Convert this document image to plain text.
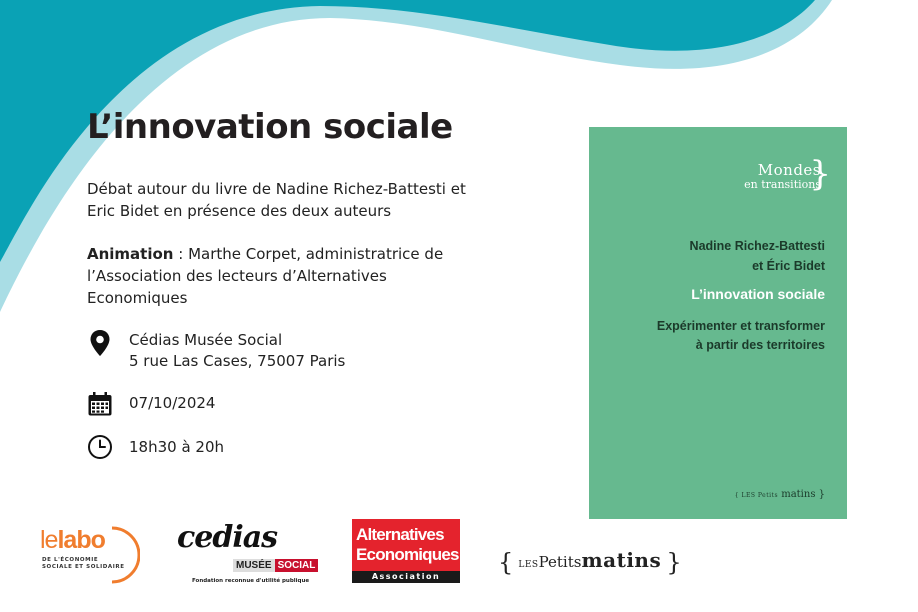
L’innovation sociale
Débat autour du livre de Nadine Richez-Battesti et Eric Bidet en présence des deux auteurs
Animation : Marthe Corpet, administratrice de l’Association des lecteurs d’Alternatives Economiques
Cédias Musée Social
5 rue Las Cases, 75007 Paris
07/10/2024
18h30 à 20h
Mondes
en transitions
}
Nadine Richez-Battesti
et Éric Bidet
L’innovation sociale
Expérimenter et transformer
à partir des territoires
{ LES Petits matins }
lelabo
DE L'ÉCONOMIE
SOCIALE ET SOLIDAIRE
cedias
MUSÉE SOCIAL
Fondation reconnue d'utilité publique
Alternatives
Economiques
Association	{ LESPetitsmatins }
